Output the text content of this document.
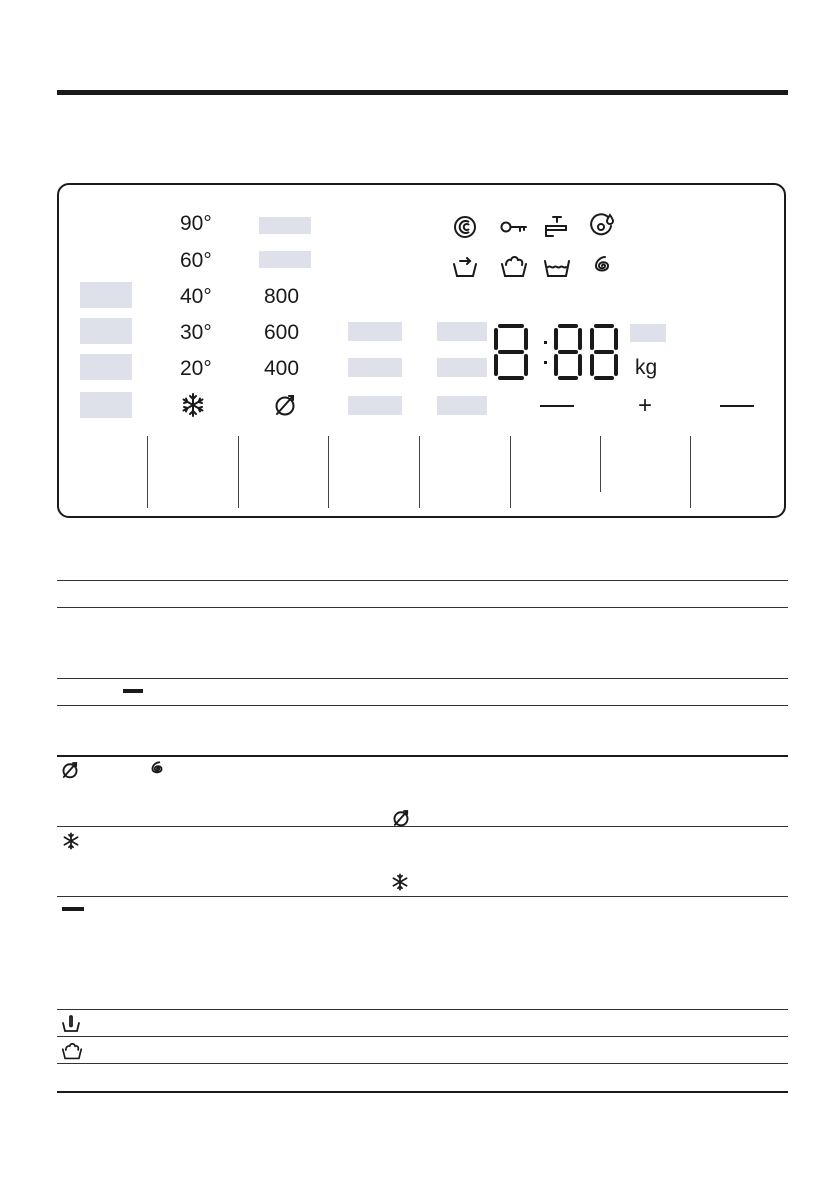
90°
60°
40°
30°
20°
800
600
400	kg
+
